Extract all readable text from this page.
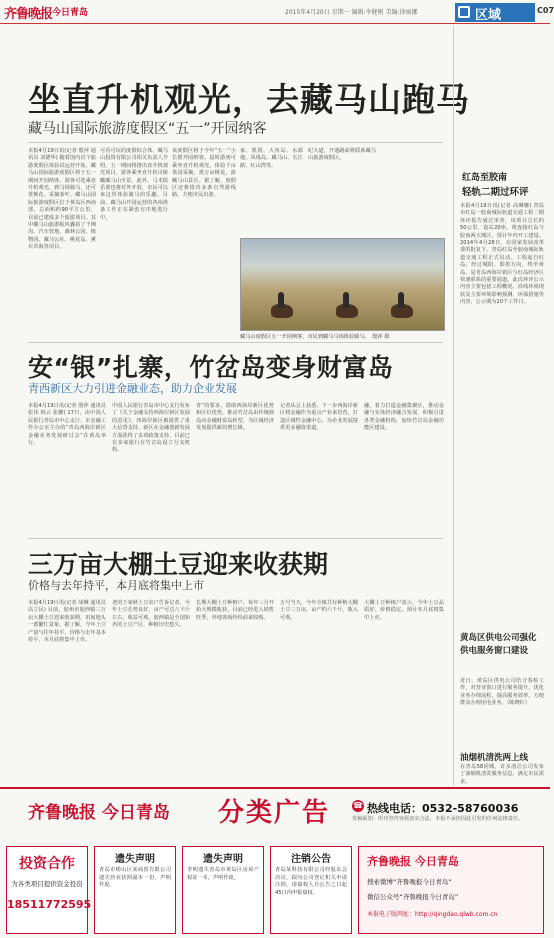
齐鲁晚报 今日青岛	2015年4月20日 星期一 编辑:李健刚 美编:徐丽娜	区域	C07
坐直升机观光，去藏马山跑马
藏马山国际旅游度假区“五一”开园纳客
本报4月19日讯(记者 殷萍 通讯员 刘德华) 随着国内首个旅游度假区体验试运营开始，藏马山国际旅游度假区将于五一期间开园纳客。游客可选乘直升机观光，到马场骑马，还可赏桃花、采摘茶叶。藏马山国际旅游度假区位于黄岛区西南部，总面积约90平方公里，目前已建成多个旅游项目。其中藏马山旅游板块囊括了千佛沟、汽车营地、森林公园、植物园、藏马公社、桃花岛、薰衣草海等项目。
可看可玩的度假综合体。藏马山投资有限公司相关负责人介绍，五一期间将推出直升机观光项目，游客乘坐直升机可俯瞰藏马山全景。此外，马术俱乐部也将对外开放，市民可以来这里体验骑马的乐趣。目前，藏马山开园运营的各项准备工作正在紧张有序地进行中。
该度假区将于今年“五一”小长假开园纳客。届时游客可乘坐直升机观光，体验千亩茶园采摘，赏万亩桃花，游藏马山景区。据了解，度假区还将推出多条自驾游线路，方便市民出游。
家、凯悦、大鱼岛、水源地、凤凰岛、藏马山、长江路、红山湾等。
纪大道，开通路面将联系藏马山旅游度假区。
藏马山度假区五一开园纳客，市民到藏马马场体验骑马。　殷萍 摄
安“银”扎寨，竹岔岛变身财富岛
青西新区大力引进金融业态，助力企业发展
本报4月19日讯(记者 殷萍 通讯员 张伟 韩云 张鹏) 17日，由中国人民银行青岛市中心支行、市金融工作办公室主办的“青岛西海岸新区金融业务发展研讨会”在黄岛举行。
中国人民银行青岛市中心支行发布了《关于金融支持西海岸新区发展的意见》，四海岸新区被提供了重大信贷支持。新区在金融创新发展方面获得了多项政策支持，目前已有多家银行在竹岔岛设立分支机构。
青”的要求，借助西海岸新区优势和区位优势，推动竹岔岛由传统渔岛向金融财富岛转型，为区域经济发展提供新的增长极。
记者从会上获悉，下一步西海岸新区将金融作为重点产业来培育，打造区域性金融中心，为企业发展提供更多融资渠道。
融，着力打造金融集聚区，推动金融与实体经济融合发展，积极引进各类金融机构，加快竹岔岛金融功能区建设。
三万亩大棚土豆迎来收获期
价格与去年持平，本月底将集中上市
本报4月19日讯(记者 胡琳 通讯员 高立民) 目前，胶州市胶西镇三万亩大棚土豆迎来收获期，田间地头一派繁忙景象。据了解，今年土豆产量与往年持平，价格与去年基本持平，本月底将集中上市。
老的王家秋土豆农户告诉记者，今年土豆长势良好，亩产可达八千斤左右，收益可观。胶西镇是全国知名的土豆产区，种植历史悠久。
长期大棚土豆种植户，每年三月开始大规模收获，目前已经进入销售旺季，外地客商纷纷前来收购。
五号当天，今年全镇共有种植大棚土豆三万亩，亩产约六千斤，收入可观。
大棚土豆种植户表示，今年土豆品质好、价格稳定，预计本月底将集中上市。
红岛至胶南
轻轨二期过环评
本报4月19日讯(记者 高琳娜) 青岛市红岛一胶南城际轨道交通工程二期环评报告通过审查，该项目总长约50公里，设站20座，将连接红岛与胶南两大城区，预计年内开工建设。2014年4月28日，在国家发展改革委的批复下，青岛红岛至胶南城际轨道交通工程正式启动。工程起自红岛，经过城阳、即墨方向，终至黄岛，是青岛西海岸新区与红岛经济区快速联系的重要通道。此次环评公示内容主要包括工程概况、沿线环境现状及主要环境影响预测、环保措施等内容，公示期为10个工作日。
黄岛区供电公司强化供电服务窗口建设
近日，黄岛区供电公司结合春检工作，对营业窗口进行服务提升，优化业务办理流程，提高服务效率，方便群众办理用电业务。（陈晓红）
油烟机清洗两上线
在青岛58同城，许多清洁公司发布了油烟机清洗服务信息，满足市民需求。
齐鲁晚报 今日青岛 分类广告	☎ 热线电话：0532-58760036
发稿须知：所刊登内容须真实合法，本报不承担因此引发的任何法律责任。
投资合作
为各类项目提供资金投资
18511772595
遗失声明
青岛市崂山区某商贸有限公司遗失营业执照副本一份，声明作废。
遗失声明
李明遗失青岛市黄岛区房屋产权证一本，声明作废。
注销公告
青岛某科技有限公司经股东会决议，拟向公司登记机关申请注销，请债权人自公告之日起45日内申报债权。
齐鲁晚报 今日青岛
搜索微博“齐鲁晚报今日青岛”
微信公众号“齐鲁晚报今日青岛”
本报电子版网址：http://qingdao.qlwb.com.cn
